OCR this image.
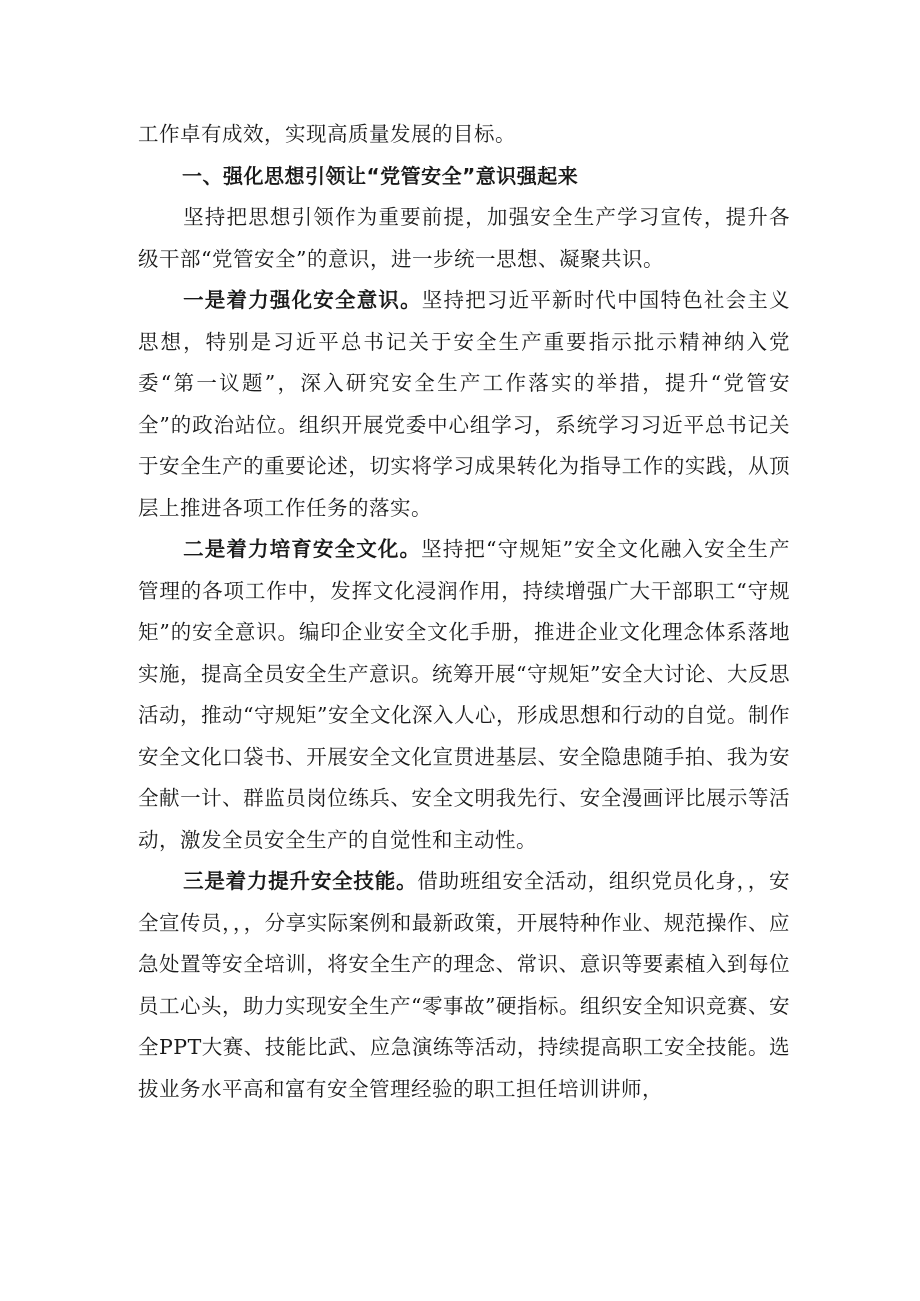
工作卓有成效，实现高质量发展的目标。

一、强化思想引领让“党管安全”意识强起来

坚持把思想引领作为重要前提，加强安全生产学习宣传，提升各级干部“党管安全”的意识，进一步统一思想、凝聚共识。

一是着力强化安全意识。坚持把习近平新时代中国特色社会主义思想，特别是习近平总书记关于安全生产重要指示批示精神纳入党委“第一议题”，深入研究安全生产工作落实的举措，提升“党管安全”的政治站位。组织开展党委中心组学习，系统学习习近平总书记关于安全生产的重要论述，切实将学习成果转化为指导工作的实践，从顶层上推进各项工作任务的落实。

二是着力培育安全文化。坚持把“守规矩”安全文化融入安全生产管理的各项工作中，发挥文化浸润作用，持续增强广大干部职工“守规矩”的安全意识。编印企业安全文化手册，推进企业文化理念体系落地实施，提高全员安全生产意识。统筹开展“守规矩”安全大讨论、大反思活动，推动“守规矩”安全文化深入人心，形成思想和行动的自觉。制作安全文化口袋书、开展安全文化宣贯进基层、安全隐患随手拍、我为安全献一计、群监员岗位练兵、安全文明我先行、安全漫画评比展示等活动，激发全员安全生产的自觉性和主动性。

三是着力提升安全技能。借助班组安全活动，组织党员化身，，安全宣传员，，，分享实际案例和最新政策，开展特种作业、规范操作、应急处置等安全培训，将安全生产的理念、常识、意识等要素植入到每位员工心头，助力实现安全生产“零事故”硬指标。组织安全知识竞赛、安全PPT大赛、技能比武、应急演练等活动，持续提高职工安全技能。选拔业务水平高和富有安全管理经验的职工担任培训讲师，
